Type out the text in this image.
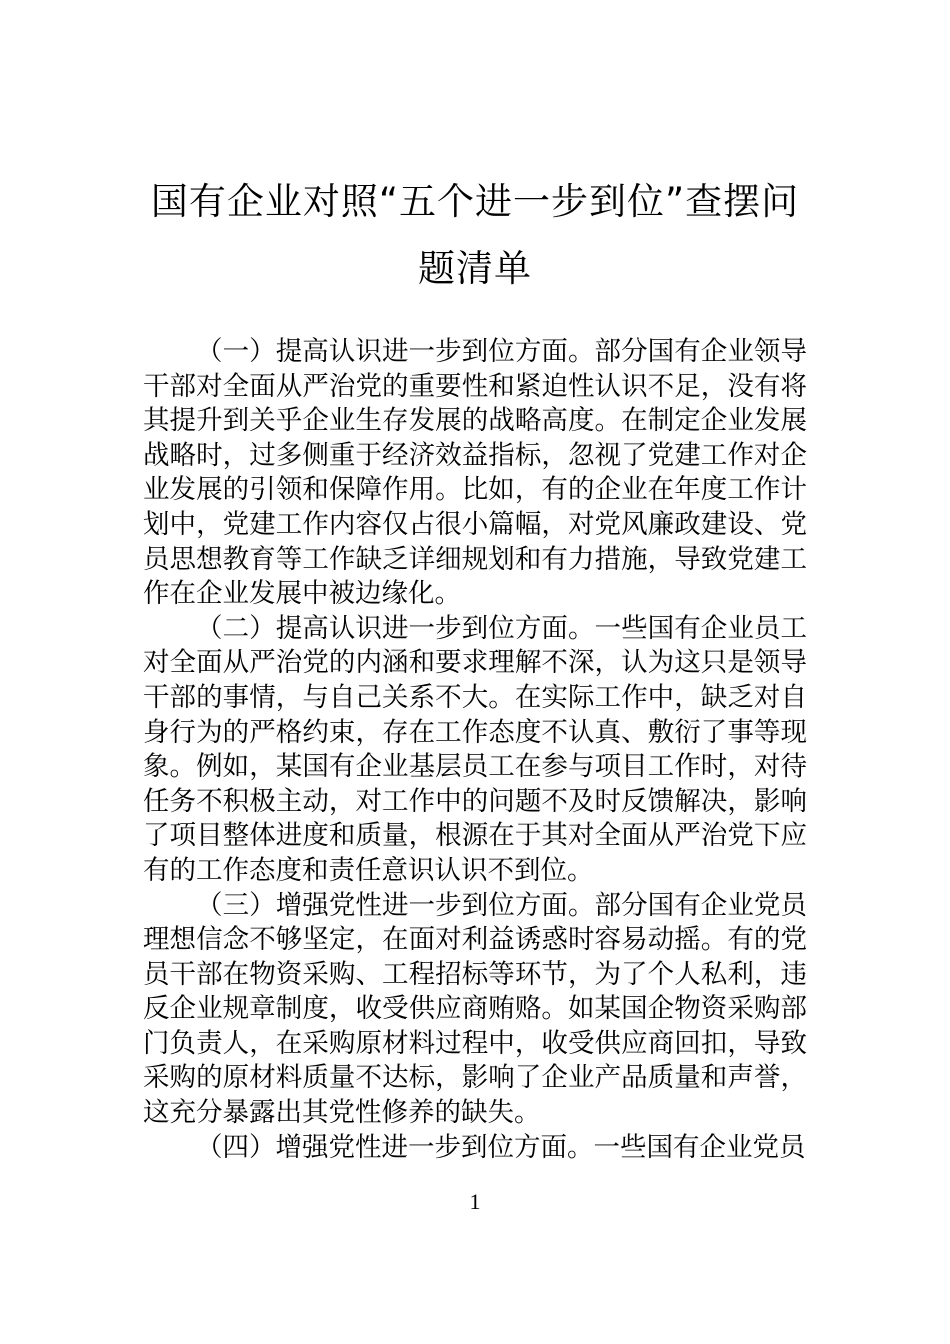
国有企业对照“五个进一步到位”查摆问题清单

（一）提高认识进一步到位方面。部分国有企业领导干部对全面从严治党的重要性和紧迫性认识不足，没有将其提升到关乎企业生存发展的战略高度。在制定企业发展战略时，过多侧重于经济效益指标，忽视了党建工作对企业发展的引领和保障作用。比如，有的企业在年度工作计划中，党建工作内容仅占很小篇幅，对党风廉政建设、党员思想教育等工作缺乏详细规划和有力措施，导致党建工作在企业发展中被边缘化。

（二）提高认识进一步到位方面。一些国有企业员工对全面从严治党的内涵和要求理解不深，认为这只是领导干部的事情，与自己关系不大。在实际工作中，缺乏对自身行为的严格约束，存在工作态度不认真、敷衍了事等现象。例如，某国有企业基层员工在参与项目工作时，对待任务不积极主动，对工作中的问题不及时反馈解决，影响了项目整体进度和质量，根源在于其对全面从严治党下应有的工作态度和责任意识认识不到位。

（三）增强党性进一步到位方面。部分国有企业党员理想信念不够坚定，在面对利益诱惑时容易动摇。有的党员干部在物资采购、工程招标等环节，为了个人私利，违反企业规章制度，收受供应商贿赂。如某国企物资采购部门负责人，在采购原材料过程中，收受供应商回扣，导致采购的原材料质量不达标，影响了企业产品质量和声誉，这充分暴露出其党性修养的缺失。

（四）增强党性进一步到位方面。一些国有企业党员

1
